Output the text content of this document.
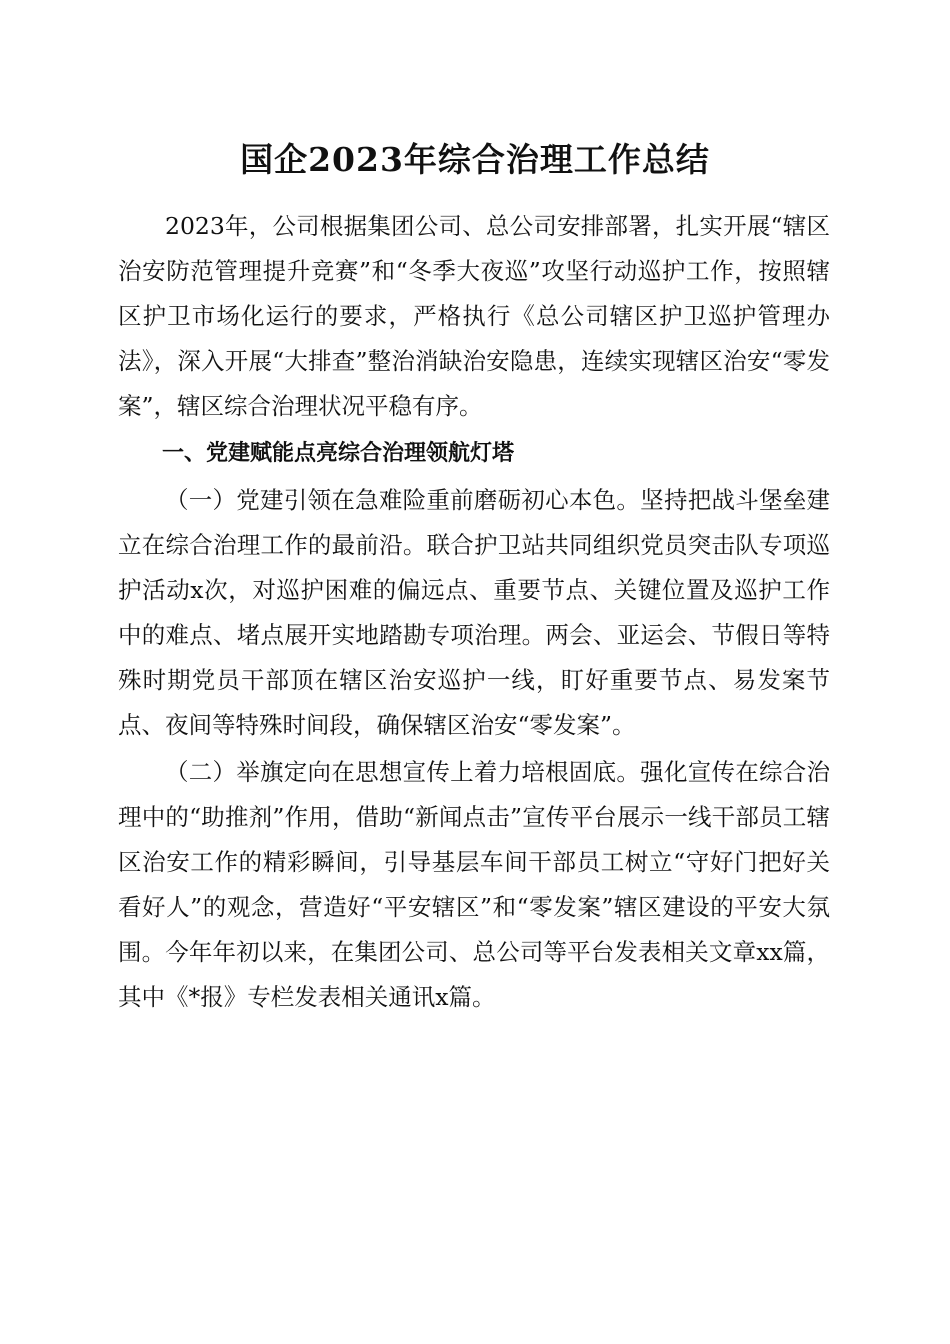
国企2023年综合治理工作总结

2023年，公司根据集团公司、总公司安排部署，扎实开展“辖区治安防范管理提升竞赛”和“冬季大夜巡”攻坚行动巡护工作，按照辖区护卫市场化运行的要求，严格执行《总公司辖区护卫巡护管理办法》，深入开展“大排查”整治消缺治安隐患，连续实现辖区治安“零发案”，辖区综合治理状况平稳有序。

一、党建赋能点亮综合治理领航灯塔

（一）党建引领在急难险重前磨砺初心本色。坚持把战斗堡垒建立在综合治理工作的最前沿。联合护卫站共同组织党员突击队专项巡护活动x次，对巡护困难的偏远点、重要节点、关键位置及巡护工作中的难点、堵点展开实地踏勘专项治理。两会、亚运会、节假日等特殊时期党员干部顶在辖区治安巡护一线，盯好重要节点、易发案节点、夜间等特殊时间段，确保辖区治安“零发案”。

（二）举旗定向在思想宣传上着力培根固底。强化宣传在综合治理中的“助推剂”作用，借助“新闻点击”宣传平台展示一线干部员工辖区治安工作的精彩瞬间，引导基层车间干部员工树立“守好门把好关看好人”的观念，营造好“平安辖区”和“零发案”辖区建设的平安大氛围。今年年初以来，在集团公司、总公司等平台发表相关文章xx篇，其中《*报》专栏发表相关通讯x篇。
